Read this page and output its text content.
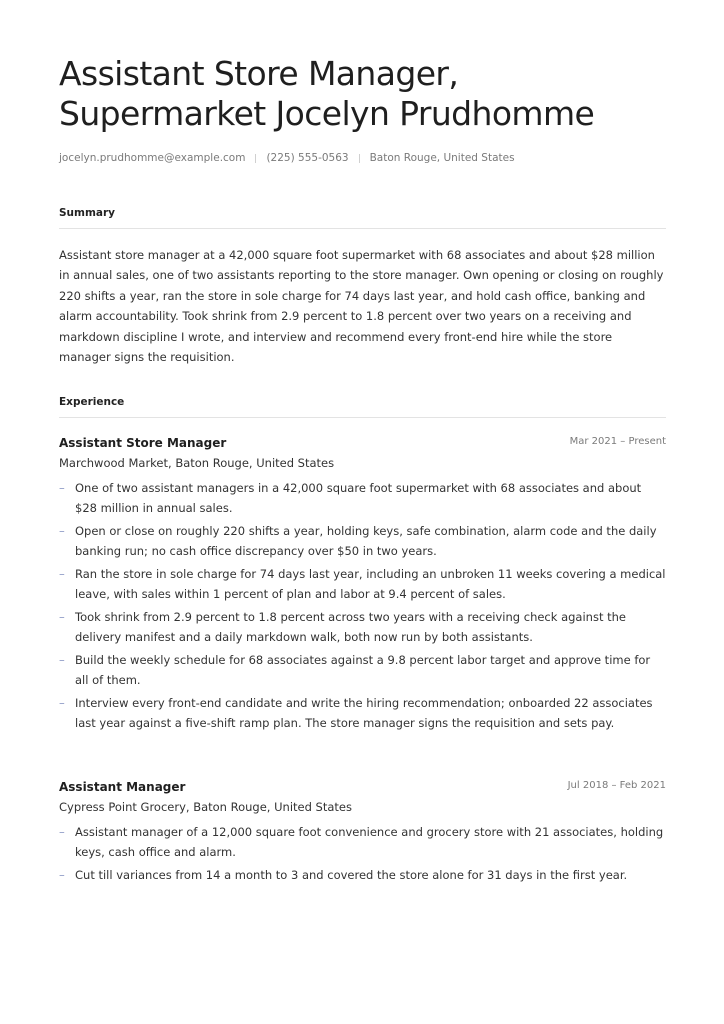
Assistant Store Manager, Supermarket Jocelyn Prudhomme
jocelyn.prudhomme@example.com (225) 555-0563 Baton Rouge, United States
Summary

Assistant store manager at a 42,000 square foot supermarket with 68 associates and about $28 million in annual sales, one of two assistants reporting to the store manager. Own opening or closing on roughly 220 shifts a year, ran the store in sole charge for 74 days last year, and hold cash office, banking and alarm accountability. Took shrink from 2.9 percent to 1.8 percent over two years on a receiving and markdown discipline I wrote, and interview and recommend every front-end hire while the store manager signs the requisition.

Experience
Assistant Store Manager	Mar 2021 – Present
Marchwood Market, Baton Rouge, United States
– One of two assistant managers in a 42,000 square foot supermarket with 68 associates and about $28 million in annual sales.
– Open or close on roughly 220 shifts a year, holding keys, safe combination, alarm code and the daily banking run; no cash office discrepancy over $50 in two years.
– Ran the store in sole charge for 74 days last year, including an unbroken 11 weeks covering a medical leave, with sales within 1 percent of plan and labor at 9.4 percent of sales.
– Took shrink from 2.9 percent to 1.8 percent across two years with a receiving check against the delivery manifest and a daily markdown walk, both now run by both assistants.
– Build the weekly schedule for 68 associates against a 9.8 percent labor target and approve time for all of them.
– Interview every front-end candidate and write the hiring recommendation; onboarded 22 associates last year against a five-shift ramp plan. The store manager signs the requisition and sets pay.
Assistant Manager	Jul 2018 – Feb 2021
Cypress Point Grocery, Baton Rouge, United States
– Assistant manager of a 12,000 square foot convenience and grocery store with 21 associates, holding keys, cash office and alarm.
– Cut till variances from 14 a month to 3 and covered the store alone for 31 days in the first year.
